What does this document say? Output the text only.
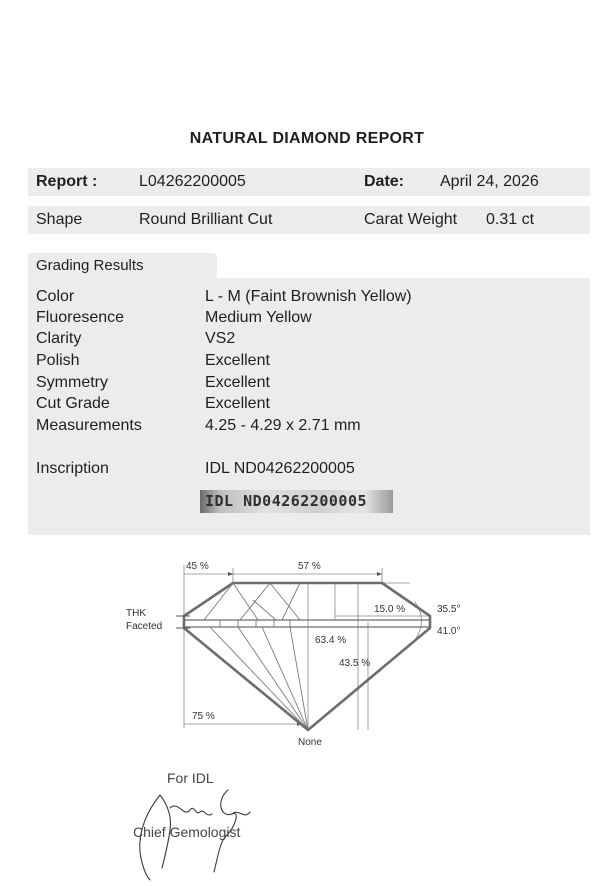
NATURAL DIAMOND REPORT
Report :	L04262200005	Date: April 24, 2026
Shape	Round Brilliant Cut	Carat Weight 0.31 ct
Grading Results
Color	L - M (Faint Brownish Yellow)
Fluoresence	Medium Yellow
Clarity	VS2
Polish	Excellent
Symmetry	Excellent
Cut Grade	Excellent
Measurements	4.25 - 4.29 x 2.71 mm
Inscription	IDL ND04262200005
IDL ND04262200005
45 %	57 %
THK
Faceted
15.0 %	35.5°
41.0°
63.4 %
43.5 %
75 %
None
For IDL
Chief Gemologist
